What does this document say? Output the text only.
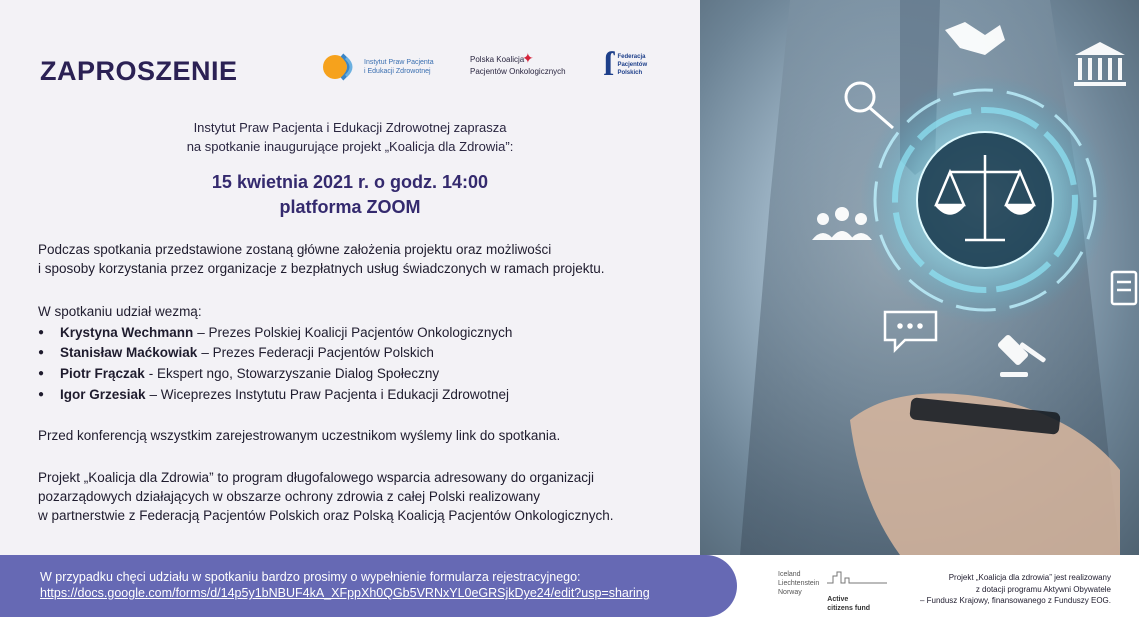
ZAPROSZENIE	Instytut Praw Pacjenta
i Edukacji Zdrowotnej
✦
Polska Koalicja
Pacjentów Onkologicznych ſ Federacja
Pacjentów
Polskich
Instytut Praw Pacjenta i Edukacji Zdrowotnej zaprasza
na spotkanie inaugurujące projekt „Koalicja dla Zdrowia”:
15 kwietnia 2021 r. o godz. 14:00
platforma ZOOM
Podczas spotkania przedstawione zostaną główne założenia projektu oraz możliwości
i sposoby korzystania przez organizacje z bezpłatnych usług świadczonych w ramach projektu.
W spotkaniu udział wezmą:
●	Krystyna Wechmann – Prezes Polskiej Koalicji Pacjentów Onkologicznych
●	Stanisław Maćkowiak – Prezes Federacji Pacjentów Polskich
●	Piotr Frączak - Ekspert ngo, Stowarzyszanie Dialog Społeczny
●	Igor Grzesiak – Wiceprezes Instytutu Praw Pacjenta i Edukacji Zdrowotnej
Przed konferencją wszystkim zarejestrowanym uczestnikom wyślemy link do spotkania.
Projekt „Koalicja dla Zdrowia” to program długofalowego wsparcia adresowany do organizacji
pozarządowych działających w obszarze ochrony zdrowia z całej Polski realizowany
w partnerstwie z Federacją Pacjentów Polskich oraz Polską Koalicją Pacjentów Onkologicznych.
W przypadku chęci udziału w spotkaniu bardzo prosimy o wypełnienie formularza rejestracyjnego:
https://docs.google.com/forms/d/14p5y1bNBUF4kA_XFppXh0QGb5VRNxYL0eGRSjkDye24/edit?usp=sharing
Iceland
Liechtenstein
Norway
Active
citizens fund
Projekt „Koalicja dla zdrowia” jest realizowany
z dotacji programu Aktywni Obywatele
– Fundusz Krajowy, finansowanego z Funduszy EOG.
